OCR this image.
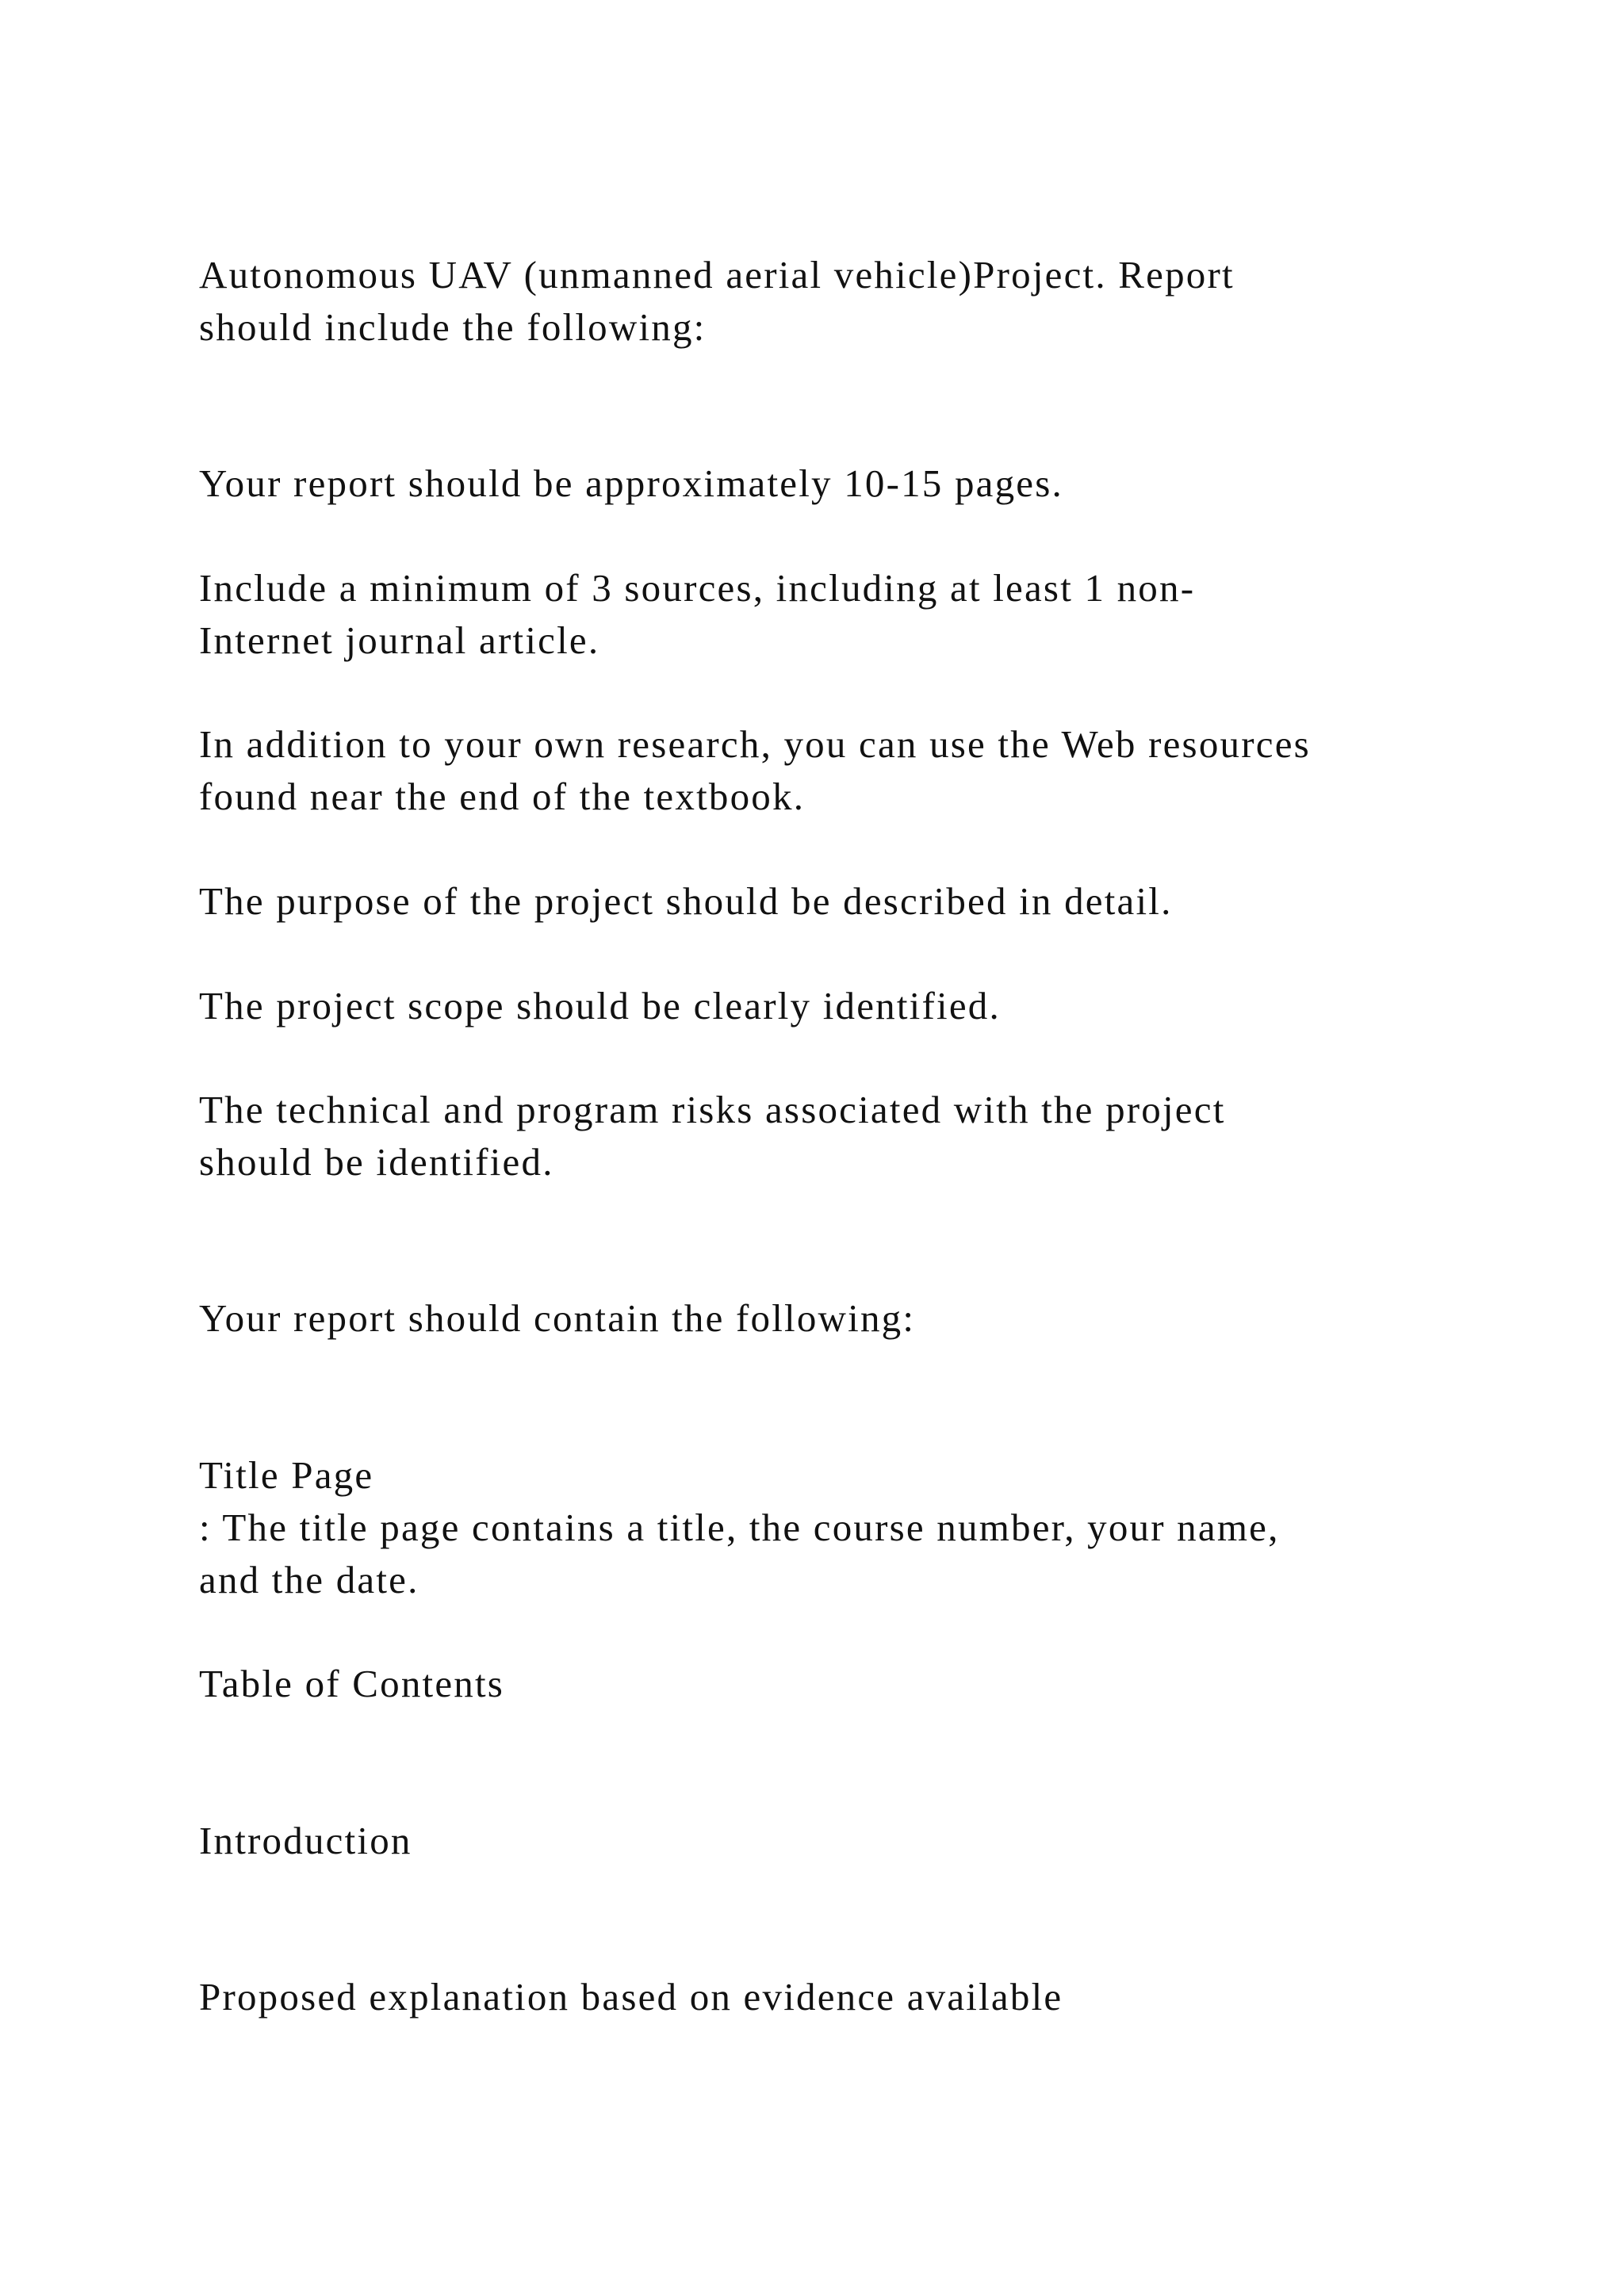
Autonomous UAV (unmanned aerial vehicle)Project. Report

should include the following:

Your report should be approximately 10-15 pages.

Include a minimum of 3 sources, including at least 1 non-

Internet journal article.

In addition to your own research, you can use the Web resources

found near the end of the textbook.

The purpose of the project should be described in detail.

The project scope should be clearly identified.

The technical and program risks associated with the project

should be identified.

Your report should contain the following:

Title Page

: The title page contains a title, the course number, your name,

and the date.

Table of Contents

Introduction

Proposed explanation based on evidence available
